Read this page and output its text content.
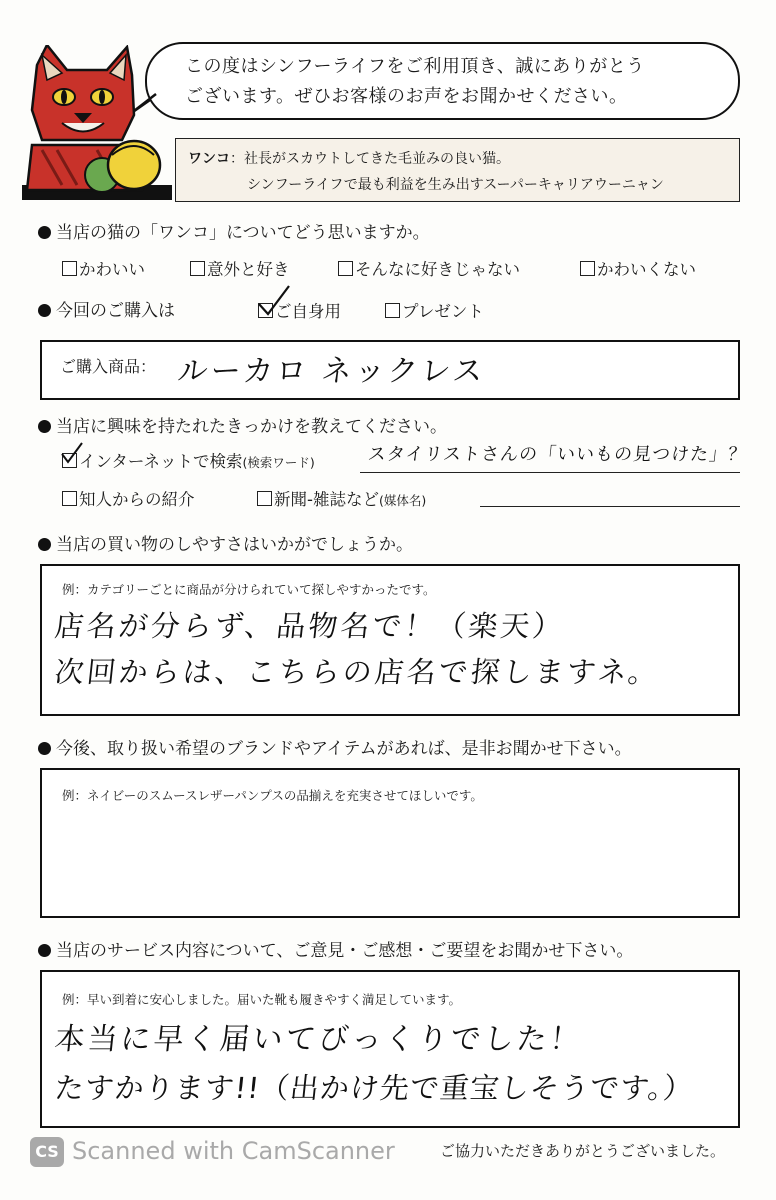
この度はシンフーライフをご利用頂き、誠にありがとう
ございます。ぜひお客様のお声をお聞かせください。
ワンコ：社長がスカウトしてきた毛並みの良い猫。
シンフーライフで最も利益を生み出すスーパーキャリアウーニャン
当店の猫の「ワンコ」についてどう思いますか。
かわいい	意外と好き	そんなに好きじゃない	かわいくない
今回のご購入は	ご自身用	プレゼント
ご購入商品： ルーカロ ネックレス
当店に興味を持たれたきっかけを教えてください。
インターネットで検索(検索ワード)	スタイリストさんの「いいもの見つけた」？
知人からの紹介	新聞-雑誌など(媒体名)
当店の買い物のしやすさはいかがでしょうか。
例：カテゴリーごとに商品が分けられていて探しやすかったです。
店名が分らず、品物名で！（楽天）
次回からは、こちらの店名で探しますネ。
今後、取り扱い希望のブランドやアイテムがあれば、是非お聞かせ下さい。
例：ネイビーのスムースレザーパンプスの品揃えを充実させてほしいです。
当店のサービス内容について、ご意見・ご感想・ご要望をお聞かせ下さい。
例：早い到着に安心しました。届いた靴も履きやすく満足しています。
本当に早く届いてびっくりでした！
たすかります!!（出かけ先で重宝しそうです。）
CS Scanned with CamScanner	ご協力いただきありがとうございました。
